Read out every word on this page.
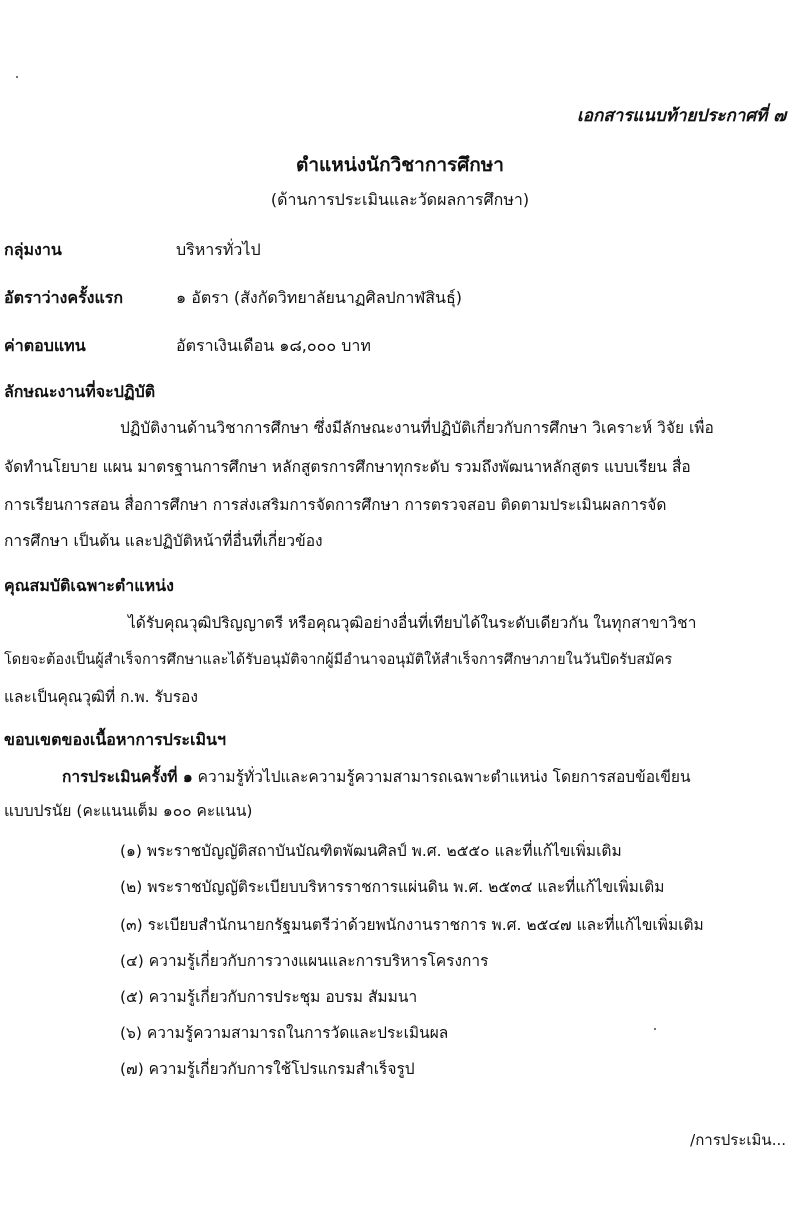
เอกสารแนบท้ายประกาศที่ ๗
ตำแหน่งนักวิชาการศึกษา
(ด้านการประเมินและวัดผลการศึกษา)
กลุ่มงาน	บริหารทั่วไป
อัตราว่างครั้งแรก	๑ อัตรา (สังกัดวิทยาลัยนาฏศิลปกาฬสินธุ์)
ค่าตอบแทน	อัตราเงินเดือน ๑๘,๐๐๐ บาท
ลักษณะงานที่จะปฏิบัติ
ปฏิบัติงานด้านวิชาการศึกษา ซึ่งมีลักษณะงานที่ปฏิบัติเกี่ยวกับการศึกษา วิเคราะห์ วิจัย เพื่อ
จัดทำนโยบาย แผน มาตรฐานการศึกษา หลักสูตรการศึกษาทุกระดับ รวมถึงพัฒนาหลักสูตร แบบเรียน สื่อ
การเรียนการสอน สื่อการศึกษา การส่งเสริมการจัดการศึกษา การตรวจสอบ ติดตามประเมินผลการจัด
การศึกษา เป็นต้น และปฏิบัติหน้าที่อื่นที่เกี่ยวข้อง
คุณสมบัติเฉพาะตำแหน่ง
ได้รับคุณวุฒิปริญญาตรี หรือคุณวุฒิอย่างอื่นที่เทียบได้ในระดับเดียวกัน ในทุกสาขาวิชา
โดยจะต้องเป็นผู้สำเร็จการศึกษาและได้รับอนุมัติจากผู้มีอำนาจอนุมัติให้สำเร็จการศึกษาภายในวันปิดรับสมัคร
และเป็นคุณวุฒิที่ ก.พ. รับรอง
ขอบเขตของเนื้อหาการประเมินฯ
การประเมินครั้งที่ ๑ ความรู้ทั่วไปและความรู้ความสามารถเฉพาะตำแหน่ง โดยการสอบข้อเขียน
แบบปรนัย (คะแนนเต็ม ๑๐๐ คะแนน)
(๑) พระราชบัญญัติสถาบันบัณฑิตพัฒนศิลป์ พ.ศ. ๒๕๕๐ และที่แก้ไขเพิ่มเติม
(๒) พระราชบัญญัติระเบียบบริหารราชการแผ่นดิน พ.ศ. ๒๕๓๔ และที่แก้ไขเพิ่มเติม
(๓) ระเบียบสำนักนายกรัฐมนตรีว่าด้วยพนักงานราชการ พ.ศ. ๒๕๔๗ และที่แก้ไขเพิ่มเติม
(๔) ความรู้เกี่ยวกับการวางแผนและการบริหารโครงการ
(๕) ความรู้เกี่ยวกับการประชุม อบรม สัมมนา
(๖) ความรู้ความสามารถในการวัดและประเมินผล
(๗) ความรู้เกี่ยวกับการใช้โปรแกรมสำเร็จรูป
/การประเมิน...
